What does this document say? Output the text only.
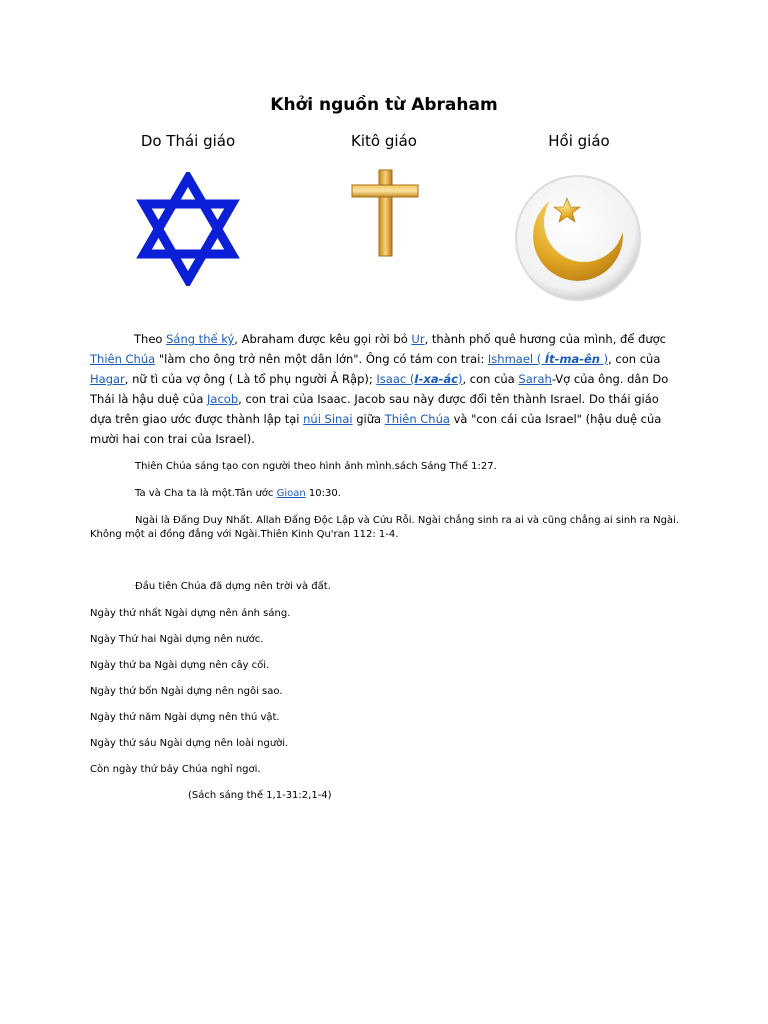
Khởi nguồn từ Abraham
Do Thái giáo	Kitô giáo	Hồi giáo
Theo Sáng thế ký, Abraham được kêu gọi rời bỏ Ur, thành phố quê hương của mình, để được Thiên Chúa "làm cho ông trở nên một dân lớn". Ông có tám con trai: Ishmael ( Ít-ma-ên ), con của Hagar, nữ tì của vợ ông ( Là tổ phụ người Ả Rập); Isaac (I-xa-ác), con của Sarah-Vợ của ông. dân Do Thái là hậu duệ của Jacob, con trai của Isaac. Jacob sau này được đổi tên thành Israel. Do thái giáo dựa trên giao ước được thành lập tại núi Sinai giữa Thiên Chúa và "con cái của Israel" (hậu duệ của mười hai con trai của Israel).
Thiên Chúa sáng tạo con người theo hình ảnh mình.sách Sáng Thế 1:27.
Ta và Cha ta là một.Tân ước Gioan 10:30.
Ngài là Đấng Duy Nhất. Allah Đấng Độc Lập và Cứu Rỗi. Ngài chẳng sinh ra ai và cũng chẳng ai sinh ra Ngài. Không một ai đồng đẳng với Ngài.Thiên Kinh Qu'ran 112: 1-4.
Đầu tiên Chúa đã dựng nên trời và đất.
Ngày thứ nhất Ngài dựng nên ánh sáng.
Ngày Thứ hai Ngài dựng nên nước.
Ngày thứ ba Ngài dựng nên cây cối.
Ngày thứ bốn Ngài dựng nên ngôi sao.
Ngày thứ năm Ngài dựng nên thú vật.
Ngày thứ sáu Ngài dựng nên loài người.
Còn ngày thứ bảy Chúa nghỉ ngơi.
(Sách sáng thế 1,1-31:2,1-4)
